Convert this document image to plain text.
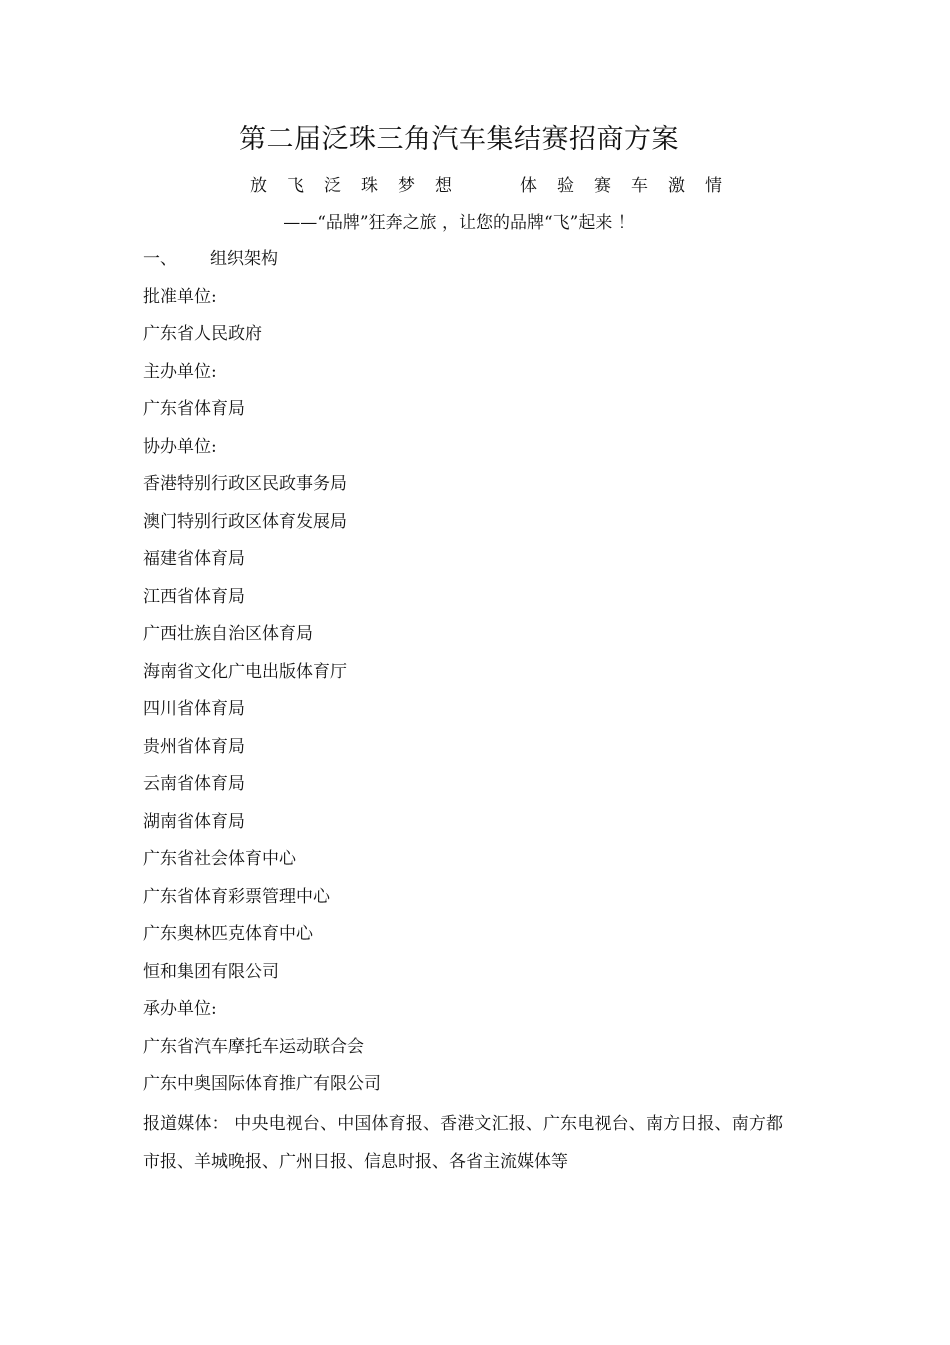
第二届泛珠三角汽车集结赛招商方案
放	飞	泛	珠	梦	想	体	验	赛	车	激	情
——“品牌”狂奔之旅 ，让您的品牌“飞”起来 ！
一、 组织架构
批准单位:
广东省人民政府
主办单位:
广东省体育局
协办单位:
香港特别行政区民政事务局
澳门特别行政区体育发展局
福建省体育局
江西省体育局
广西壮族自治区体育局
海南省文化广电出版体育厅
四川省体育局
贵州省体育局
云南省体育局
湖南省体育局
广东省社会体育中心
广东省体育彩票管理中心
广东奥林匹克体育中心
恒和集团有限公司
承办单位:
广东省汽车摩托车运动联合会
广东中奥国际体育推广有限公司
报道媒体： 中央电视台、中国体育报、香港文汇报、广东电视台、南方日报、南方都市报、羊城晚报、广州日报、信息时报、各省主流媒体等
